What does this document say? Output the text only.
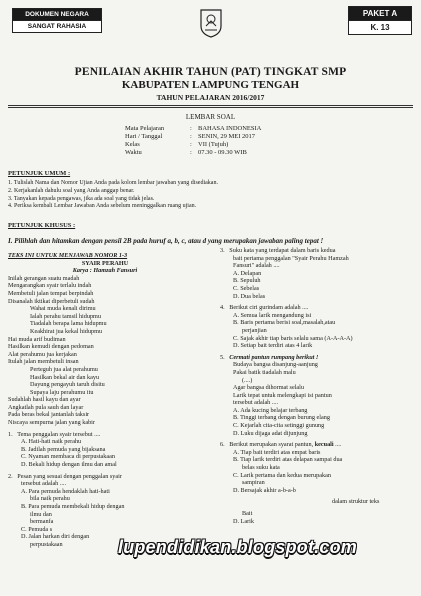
DOKUMEN NEGARA
SANGAT RAHASIA
PAKET A
K. 13
PENILAIAN AKHIR TAHUN (PAT) TINGKAT SMP
KABUPATEN LAMPUNG TENGAH
TAHUN PELAJARAN 2016/2017
LEMBAR SOAL
Mata Pelajaran
Hari / Tanggal
Kelas
Waktu
:
:
:
:
BAHASA INDONESIA
SENIN, 29 MEI 2017
VII (Tujuh)
07.30 - 09.30 WIB
PETUNJUK UMUM :
1. Tulislah Nama dan Nomor Ujian Anda pada kolom lembar jawaban yang disediakan.
2. Kerjakanlah dahulu soal yang Anda anggap benar.
3. Tanyakan kepada pengawas, jika ada soal yang tidak jelas.
4. Periksa kembali Lembar Jawaban Anda sebelum meninggalkan ruang ujian.
PETUNJUK KHUSUS :
I. Pilihlah dan hitamkan dengan pensil 2B pada huruf a, b, c, atau d yang merupakan jawaban paling tepat !

TEKS INI UNTUK MENJAWAB NOMOR 1-3

SYAIR PERAHU

Karya : Hamzah Fansuri

Inilah gerangan suatu madah

Mengarangkan syair terlalu indah

Membetuli jalan tempat berpindah

Disanalah iktikat diperbetuli sudah

Wahai muda kenali dirimu

Ialah perahu tamsil hidupmu

Tiadalah berapa lama hidupmu

Keakhirat jua kekal hidupmu

Hai muda arif budiman

Hasilkan kemudi dengan pedoman

Alat perahumu jua kerjakan

Itulah jalan membetuli insan

Perteguh jua alat perahumu

Hasilkan bekal air dan kayu

Dayung pengayuh taruh disitu

Supaya laju perahumu itu

Sudahlah hasil kayu dan ayar

Angkatlah pula sauh dan layar

Pada beras bekal jantanlah taksir

Niscaya sempurna jalan yang kabir

1.   Tema penggalan syair tersebut ....

A. Hati-hati naik perahu

B. Jadilah pemuda yang bijaksana

C. Nyaman membaca di perpustakaan

D. Bekali hidup dengan ilmu dan amal

2.   Pesan yang sesuai dengan penggalan syair

tersebut adalah ....

A. Para pemuda hendaklah hati-hati

bila naik perahu

B. Para pemuda membekali hidup dengan

ilmu dan

bermanfa

C. Pemuda s

D. Jalan harkan diri dengan

perpustakaan

3.   Suku kata yang terdapat dalam baris kedua

bait pertama penggalan "Syair Perahu Hamzah

Fansuri" adalah ....

A. Delapan

B. Sepuluh

C. Sebelas

D. Dua belas

4.   Berikut ciri gurindam adalah ....

A. Semua larik mengandung isi

B. Baris pertama berisi soal,masalah,atau

perjanjian

C. Sajak akhir tiap baris selalu sama (A-A-A-A)

D. Setiap bait terdiri atas 4 larik

5.   Cermati pantun rumpang berikut !

Budaya bangsa disanjung-aanjung

Pakai batik tiadalah malu

(....)

Agar bangsa dihormat selalu

Larik tepat untuk melengkapi isi pantun

tersebut adalah ....

A. Ada kucing belajar terbang

B. Tinggi terbang dengan burung elang

C. Kejarlah cita-cita setinggi gunung

D. Luku dijaga adat dijunjung

6.   Berikut merupakan syarat pantun, kecuali ....

A. Tiap bait terdiri atas empat baris

B. Tiap larik terdiri atas delapan sampai dua

belas suku kata

C. Larik pertama dan kedua merupakan

sampiran

D. Bersajak akhir a-b-a-b

dalam struktur teks

Bait

D. Larik

lupendidikan.blogspot.com
